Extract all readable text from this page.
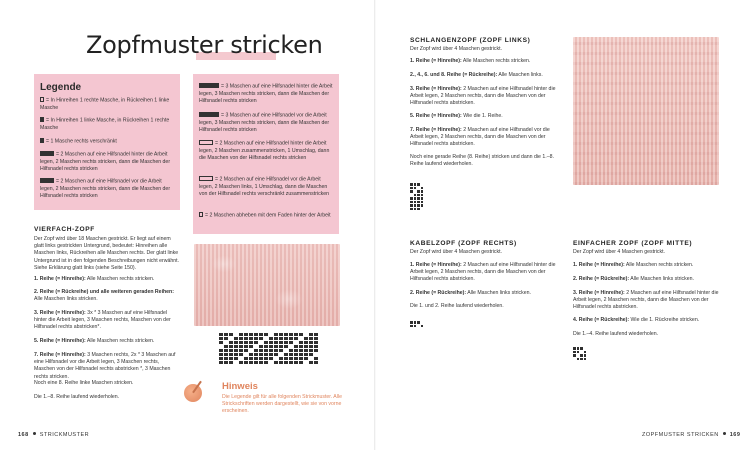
Zopfmuster stricken
Legende
= In Hinreihen 1 rechte Masche, in Rückreihen 1 linke Masche
= In Hinreihen 1 linke Masche, in Rückreihen 1 rechte Masche
= 1 Masche rechts verschränkt
= 2 Maschen auf eine Hilfsnadel hinter die Arbeit legen, 2 Maschen rechts stricken, dann die Maschen der Hilfsnadel rechts stricken
= 2 Maschen auf eine Hilfsnadel vor die Arbeit legen, 2 Maschen rechts stricken, dann die Maschen der Hilfsnadel rechts stricken
= 3 Maschen auf eine Hilfsnadel hinter die Arbeit legen, 3 Maschen rechts stricken, dann die Maschen der Hilfsnadel rechts stricken
= 3 Maschen auf eine Hilfsnadel vor die Arbeit legen, 3 Maschen rechts stricken, dann die Maschen der Hilfsnadel rechts stricken
= 2 Maschen auf eine Hilfsnadel hinter die Arbeit legen, 2 Maschen zusammenstricken, 1 Umschlag, dann die Maschen von der Hilfsnadel rechts stricken
= 2 Maschen auf eine Hilfsnadel vor die Arbeit legen, 2 Maschen links, 1 Umschlag, dann die Maschen von der Hilfsnadel rechts verschränkt zusammenstricken
= 2 Maschen abheben mit dem Faden hinter der Arbeit
VIERFACH-ZOPF
Der Zopf wird über 18 Maschen gestrickt. Er liegt auf einem glatt links gestrickten Untergrund, bedeutet: Hinreihen alle Maschen links, Rückreihen alle Maschen rechts. Der glatt linke Untergrund ist in den folgenden Beschreibungen nicht erwähnt. Siehe Erklärung glatt links (siehe Seite 150).
1. Reihe (= Hinreihe): Alle Maschen rechts stricken.
2. Reihe (= Rückreihe) und alle weiteren geraden Reihen: Alle Maschen links stricken.
3. Reihe (= Hinreihe): 3x * 3 Maschen auf eine Hilfsnadel hinter die Arbeit legen, 3 Maschen rechts, Maschen von der Hilfsnadel rechts abstricken*.
5. Reihe (= Hinreihe): Alle Maschen rechts stricken.
7. Reihe (= Hinreihe): 3 Maschen rechts, 2x * 3 Maschen auf eine Hilfsnadel vor die Arbeit legen, 3 Maschen rechts, Maschen von der Hilfsnadel rechts abstricken *, 3 Maschen rechts stricken.
Noch eine 8. Reihe linke Maschen stricken.
Die 1.–8. Reihe laufend wiederholen.
Hinweis
Die Legende gilt für alle folgenden Strickmuster. Alle Strickschriften werden dargestellt, wie sie von vorne erscheinen.
168 STRICKMUSTER
SCHLANGENZOPF (ZOPF LINKS)
Der Zopf wird über 4 Maschen gestrickt.
1. Reihe (= Hinreihe): Alle Maschen rechts stricken.
2., 4., 6. und 8. Reihe (= Rückreihe): Alle Maschen links.
3. Reihe (= Hinreihe): 2 Maschen auf eine Hilfsnadel hinter die Arbeit legen, 2 Maschen rechts, dann die Maschen von der Hilfsnadel rechts abstricken.
5. Reihe (= Hinreihe): Wie die 1. Reihe.
7. Reihe (= Hinreihe): 2 Maschen auf eine Hilfsnadel vor die Arbeit legen, 2 Maschen rechts, dann die Maschen von der Hilfsnadel rechts abstricken.
Noch eine gerade Reihe (8. Reihe) stricken und dann die 1.–8. Reihe laufend wiederholen.
KABELZOPF (ZOPF RECHTS)
Der Zopf wird über 4 Maschen gestrickt.
1. Reihe (= Hinreihe): 2 Maschen auf eine Hilfsnadel hinter die Arbeit legen, 2 Maschen rechts, dann die Maschen von der Hilfsnadel rechts abstricken.
2. Reihe (= Rückreihe): Alle Maschen links stricken.
Die 1. und 2. Reihe laufend wiederholen.
EINFACHER ZOPF (ZOPF MITTE)
Der Zopf wird über 4 Maschen gestrickt.
1. Reihe (= Hinreihe): Alle Maschen rechts stricken.
2. Reihe (= Rückreihe): Alle Maschen links stricken.
3. Reihe (= Hinreihe): 2 Maschen auf eine Hilfsnadel hinter die Arbeit legen, 2 Maschen rechts, dann die Maschen von der Hilfsnadel rechts abstricken.
4. Reihe (= Rückreihe): Wie die 1. Rückreihe stricken.
Die 1.–4. Reihe laufend wiederholen.
ZOPFMUSTER STRICKEN 169
